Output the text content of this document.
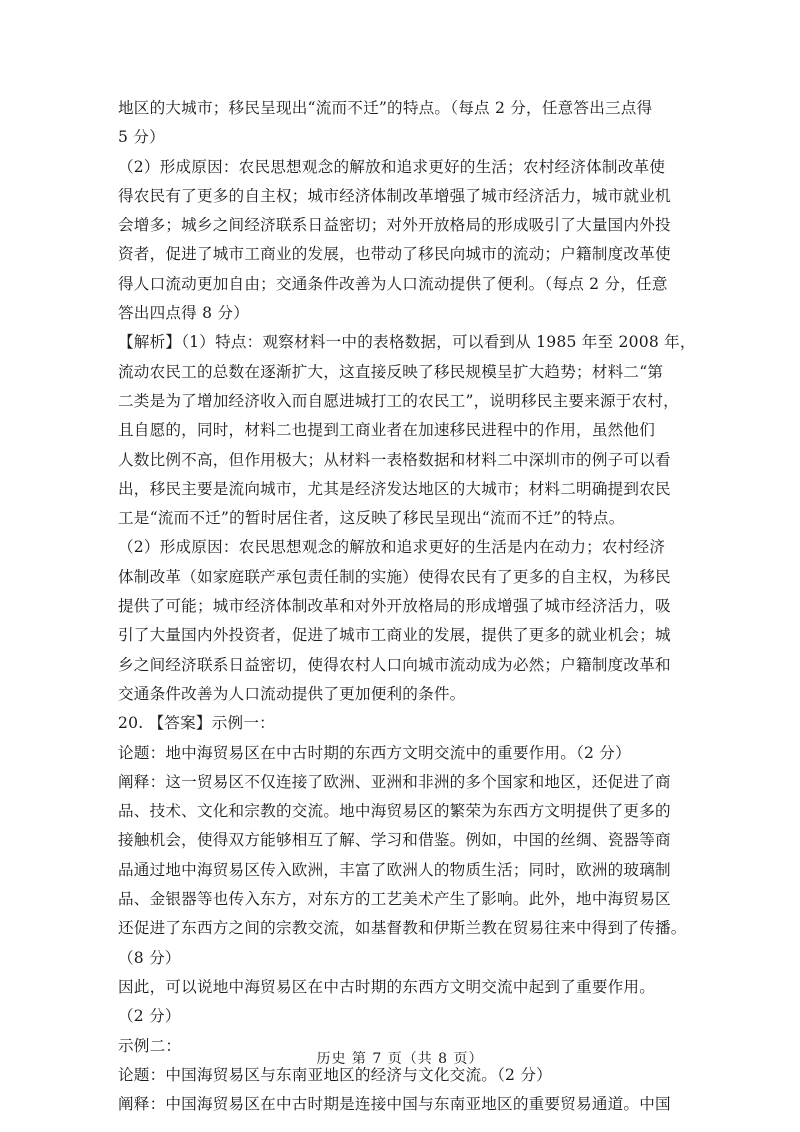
地区的大城市；移民呈现出“流而不迁”的特点。（每点 2 分，任意答出三点得
5 分）
（2）形成原因：农民思想观念的解放和追求更好的生活；农村经济体制改革使
得农民有了更多的自主权；城市经济体制改革增强了城市经济活力，城市就业机
会增多；城乡之间经济联系日益密切；对外开放格局的形成吸引了大量国内外投
资者，促进了城市工商业的发展，也带动了移民向城市的流动；户籍制度改革使
得人口流动更加自由；交通条件改善为人口流动提供了便利。（每点 2 分，任意
答出四点得 8 分）
【解析】（1）特点：观察材料一中的表格数据，可以看到从 1985 年至 2008 年，
流动农民工的总数在逐渐扩大，这直接反映了移民规模呈扩大趋势；材料二“第
二类是为了增加经济收入而自愿进城打工的农民工”，说明移民主要来源于农村，
且自愿的，同时，材料二也提到工商业者在加速移民进程中的作用，虽然他们
人数比例不高，但作用极大；从材料一表格数据和材料二中深圳市的例子可以看
出，移民主要是流向城市，尤其是经济发达地区的大城市；材料二明确提到农民
工是“流而不迁”的暂时居住者，这反映了移民呈现出“流而不迁”的特点。
（2）形成原因：农民思想观念的解放和追求更好的生活是内在动力；农村经济
体制改革（如家庭联产承包责任制的实施）使得农民有了更多的自主权，为移民
提供了可能；城市经济体制改革和对外开放格局的形成增强了城市经济活力，吸
引了大量国内外投资者，促进了城市工商业的发展，提供了更多的就业机会；城
乡之间经济联系日益密切，使得农村人口向城市流动成为必然；户籍制度改革和
交通条件改善为人口流动提供了更加便利的条件。
20. 【答案】示例一：
论题：地中海贸易区在中古时期的东西方文明交流中的重要作用。（2 分）
阐释：这一贸易区不仅连接了欧洲、亚洲和非洲的多个国家和地区，还促进了商
品、技术、文化和宗教的交流。地中海贸易区的繁荣为东西方文明提供了更多的
接触机会，使得双方能够相互了解、学习和借鉴。例如，中国的丝绸、瓷器等商
品通过地中海贸易区传入欧洲，丰富了欧洲人的物质生活；同时，欧洲的玻璃制
品、金银器等也传入东方，对东方的工艺美术产生了影响。此外，地中海贸易区
还促进了东西方之间的宗教交流，如基督教和伊斯兰教在贸易往来中得到了传播。
（8 分）
因此，可以说地中海贸易区在中古时期的东西方文明交流中起到了重要作用。
（2 分）
示例二：
论题：中国海贸易区与东南亚地区的经济与文化交流。（2 分）
阐释：中国海贸易区在中古时期是连接中国与东南亚地区的重要贸易通道。中国
历史 第 7 页（共 8 页）
